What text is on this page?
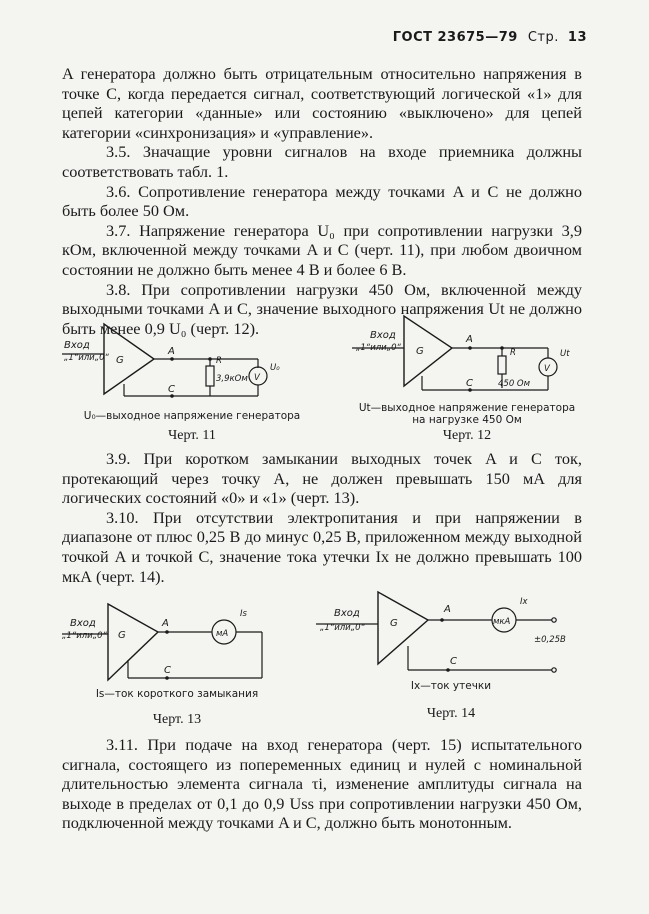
ГОСТ 23675—79 Стр. 13

A генератора должно быть отрицательным относительно напряжения в точке C, когда передается сигнал, соответствующий логической «1» для цепей категории «данные» или состоянию «выключено» для цепей категории «синхронизация» и «управление».

3.5. Значащие уровни сигналов на входе приемника должны соответствовать табл. 1.

3.6. Сопротивление генератора между точками A и C не должно быть более 50 Ом.

3.7. Напряжение генератора U₀ при сопротивлении нагрузки 3,9 кОм, включенной между точками A и C (черт. 11), при любом двоичном состоянии не должно быть менее 4 В и более 6 В.

3.8. При сопротивлении нагрузки 450 Ом, включенной между выходными точками A и C, значение выходного напряжения Ut не должно быть менее 0,9 U₀ (черт. 12).

G
Вход
„1“или„0“
A
R
3,9кОм V
U₀
C
U₀—выходное напряжение генератора
Черт. 11
G
Вход
„1“или„0“
A
R
450 Ом
V
Ut
C
Ut—выходное напряжение генератора на нагрузке 450 Ом
Черт. 12

3.9. При коротком замыкании выходных точек A и C ток, протекающий через точку A, не должен превышать 150 мА для логических состояний «0» и «1» (черт. 13).

3.10. При отсутствии электропитания и при напряжении в диапазоне от плюс 0,25 В до минус 0,25 В, приложенном между выходной точкой A и точкой C, значение тока утечки Ix не должно превышать 100 мкА (черт. 14).

G
Вход
„1“или„0“
A
мА
Is
C
Is—ток короткого замыкания
Черт. 13
G
Вход
„1“или„0“
A
мкА
Ix
±0,25В
C
Ix—ток утечки
Черт. 14

3.11. При подаче на вход генератора (черт. 15) испытательного сигнала, состоящего из попеременных единиц и нулей с номинальной длительностью элемента сигнала τi, изменение амплитуды сигнала на выходе в пределах от 0,1 до 0,9 Uss при сопротивлении нагрузки 450 Ом, подключенной между точками A и C, должно быть монотонным.
